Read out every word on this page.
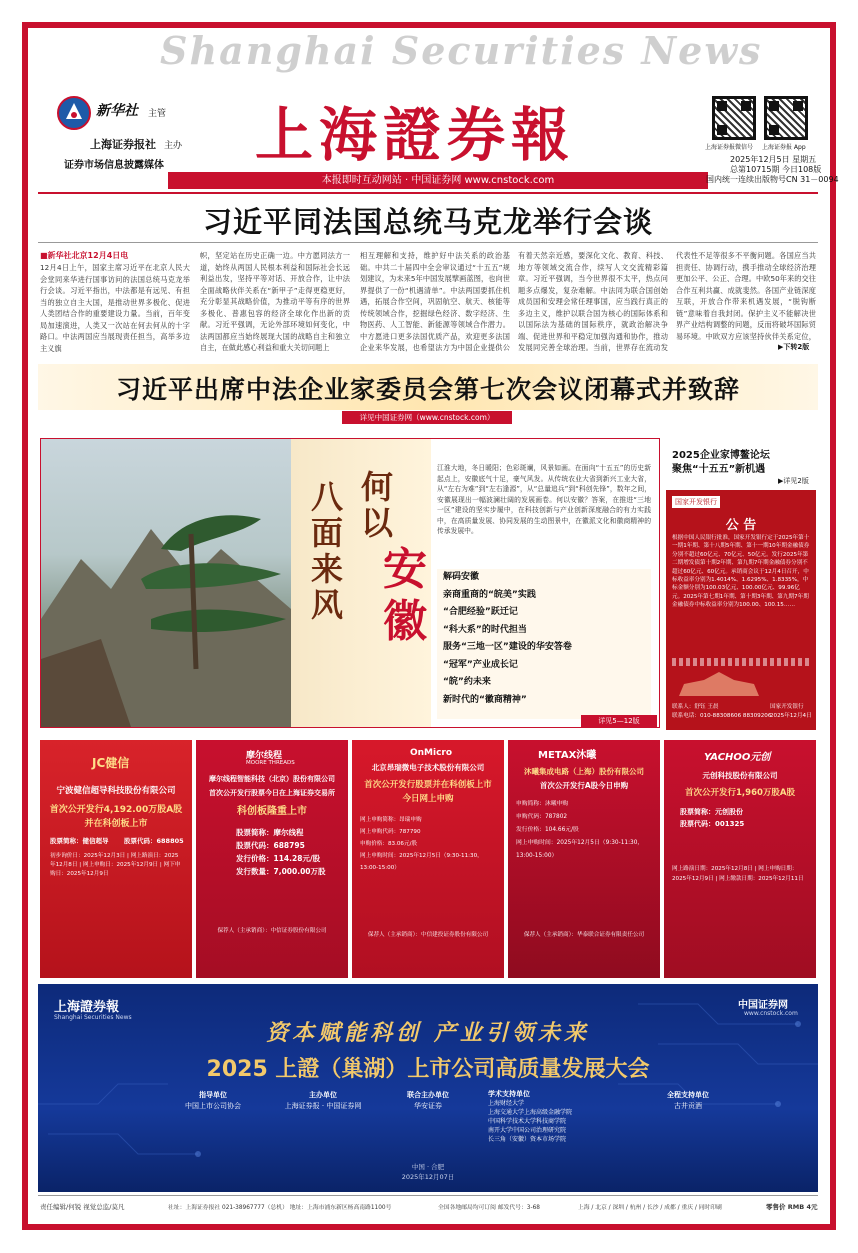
新华社 主管
上海证券报社 主办
证券市场信息披露媒体
Shanghai Securities News
上海證券報
本报即时互动网站 · 中国证券网 www.cnstock.com
上海证券报微信号 上海证券报 App
2025年12月5日 星期五
总第10715期 今日108版
国内统一连续出版物号CN 31－0094
习近平同法国总统马克龙举行会谈
■新华社北京12月4日电
12月4日上午，国家主席习近平在北京人民大会堂同来华进行国事访问的法国总统马克龙举行会谈。习近平指出，中法都是有远见、有担当的独立自主大国，是推动世界多极化、促进人类团结合作的重要建设力量。当前，百年变局加速演进，人类又一次站在何去何从的十字路口。中法两国应当展现责任担当，高举多边主义旗
帜，坚定站在历史正确一边。中方愿同法方一道，始终从两国人民根本利益和国际社会长远利益出发，坚持平等对话、开放合作，让中法全面战略伙伴关系在“新甲子”走得更稳更好，充分彰显其战略价值，为推动平等有序的世界多极化、普惠包容的经济全球化作出新的贡献。习近平强调，无论外部环境如何变化，中法两国都应当始终展现大国的战略自主和独立自主，在做此感心利益和重大关切问题上
相互理解和支持，维护好中法关系的政治基础。中共二十届四中全会审议通过“十五五”规划建议，为未来5年中国发展擘画蓝图，也向世界提供了一份“机遇清单”。中法两国要抓住机遇，拓展合作空间，巩固航空、航天、核能等传统领域合作，挖掘绿色经济、数字经济、生物医药、人工智能、新能源等领域合作潜力。中方愿进口更多法国优质产品，欢迎更多法国企业来华发展，也希望法方为中国企业提供公
有着天然亲近感，要深化文化、教育、科技、地方等领域交流合作，续写人文交流精彩篇章。习近平强调，当今世界很不太平，热点问题多点爆发，复杂难解。中法同为联合国创始成员国和安理会常任理事国，应当践行真正的多边主义，维护以联合国为核心的国际体系和以国际法为基础的国际秩序，就政治解决争端、促进世界和平稳定加强沟通和协作，推动发展同完善全球治理。当前，世界存在流动发
代表性不足等很多不平衡问题。各国应当共担责任、协调行动，携手推动全球经济治理更加公平、公正、合理。中欧50年来的交往合作互利共赢、成就斐然。各国产业链深度互联，开放合作带来机遇发展，“脱钩断链”意味着自我封闭。保护主义不能解决世界产业结构调整的问题，反而将破坏国际贸易环境。中欧双方应该坚持伙伴关系定位，
▶下转2版
习近平出席中法企业家委员会第七次会议闭幕式并致辞
详见中国证券网（www.cnstock.com）
八面来风
何以
安徽
江淮大地，冬日暖阳；色彩斑斓，风景如画。在面向“十五五”的历史新起点上，安徽底气十足，豪气风发。从传统农业大省到新兴工业大省，从“左右为难”到“左右逢源”，从“总量追兵”到“科创先锋”，数年之间，安徽展现出一幅波澜壮阔的发展画卷。何以安徽？答案，在推进“三地一区”建设的坚实步履中，在科技创新与产业创新深度融合的有力实践中，在高质量发展、协同发展的生动图景中，在徽派文化和徽商精神的传承发展中。
解码安徽
亲商重商的“皖美”实践
“合肥经验”跃迁记
“科大系”的时代担当
服务“三地一区”建设的华安答卷
“冠军”产业成长记
“皖”约未来
新时代的“徽商精神”
详见5—12版
2025企业家博鳌论坛
聚焦“十五五”新机遇
▶详见2版
国家开发银行
公 告
根据中国人民银行批准，国家开发银行定于2025年第十一期1年期、第十八期5年期、第十一期10年期金融债券分别不超过60亿元、70亿元、50亿元。发行2025年第二期增发债第十期2年期、第九期7年期金融债券分别不超过60亿元、60亿元。承销商会议于12月4日召开，中标收益率分别为1.4014%、1.6295%、1.8335%，中标金额分别为100.03亿元、100.00亿元、99.96亿元。2025年第七期1年期、第十期3年期、第九期7年期金融债券中标收益率分别为100.00、100.15……
联系人：舒钰 王晨
联系电话：010-88308606 88309206
国家开发银行
2025年12月4日
JC健信
宁波健信超导科技股份有限公司
首次公开发行4,192.00万股A股
并在科创板上市
股票简称：健信超导 股票代码：688805
初步询价日：2025年12月3日 | 网上路演日：2025年12月8日 | 网上申购日：2025年12月9日 | 网下申购日：2025年12月9日
摩尔线程
MOORE THREADS
摩尔线程智能科技（北京）股份有限公司
首次公开发行股票今日在上海证券交易所
科创板隆重上市
股票简称：摩尔线程
股票代码：688795
发行价格：114.28元/股
发行数量：7,000.00万股
保荐人（主承销商）：中信证券股份有限公司
OnMicro
北京昂瑞微电子技术股份有限公司
首次公开发行股票并在科创板上市
今日网上申购
网上申购简称：昂瑞申购
网上申购代码：787790
申购价格：83.06元/股
网上申购时间：2025年12月5日（9:30-11:30，13:00-15:00）
保荐人（主承销商）：中信建投证券股份有限公司
METAX沐曦
沐曦集成电路（上海）股份有限公司
首次公开发行A股今日申购
申购简称：沐曦申购
申购代码：787802
发行价格：104.66元/股
网上申购时间：2025年12月5日（9:30-11:30，13:00-15:00）
保荐人（主承销商）：华泰联合证券有限责任公司
YACHOO元创
元创科技股份有限公司
首次公开发行1,960万股A股
股票简称：元创股份
股票代码：001325
网上路演日期：2025年12月8日 | 网上申购日期：2025年12月9日 | 网上缴款日期：2025年12月11日
上海證券報
Shanghai Securities News
中国证券网
www.cnstock.com
资本赋能科创 产业引领未来
2025 上證（巢湖）上市公司高质量发展大会
指导单位
中国上市公司协会
主办单位
上海证券报 · 中国证券网
联合主办单位
华安证券
学术支持单位
上海财经大学
上海交通大学上海高级金融学院
中国科学技术大学科技商学院
南开大学中国公司治理研究院
长三角（安徽）资本市场学院
全程支持单位
古井贡酒
中国 · 合肥
2025年12月07日
责任编辑/何锐 视觉总监/莫凡	社址：上海证券报社 021-38967777（总机） 地址：上海市浦东新区杨高南路1100号	全国各地邮局均可订阅 邮发代号：3-68	上海 / 北京 / 深圳 / 杭州 / 长沙 / 成都 / 重庆 / 同时印刷	零售价 RMB 4元
